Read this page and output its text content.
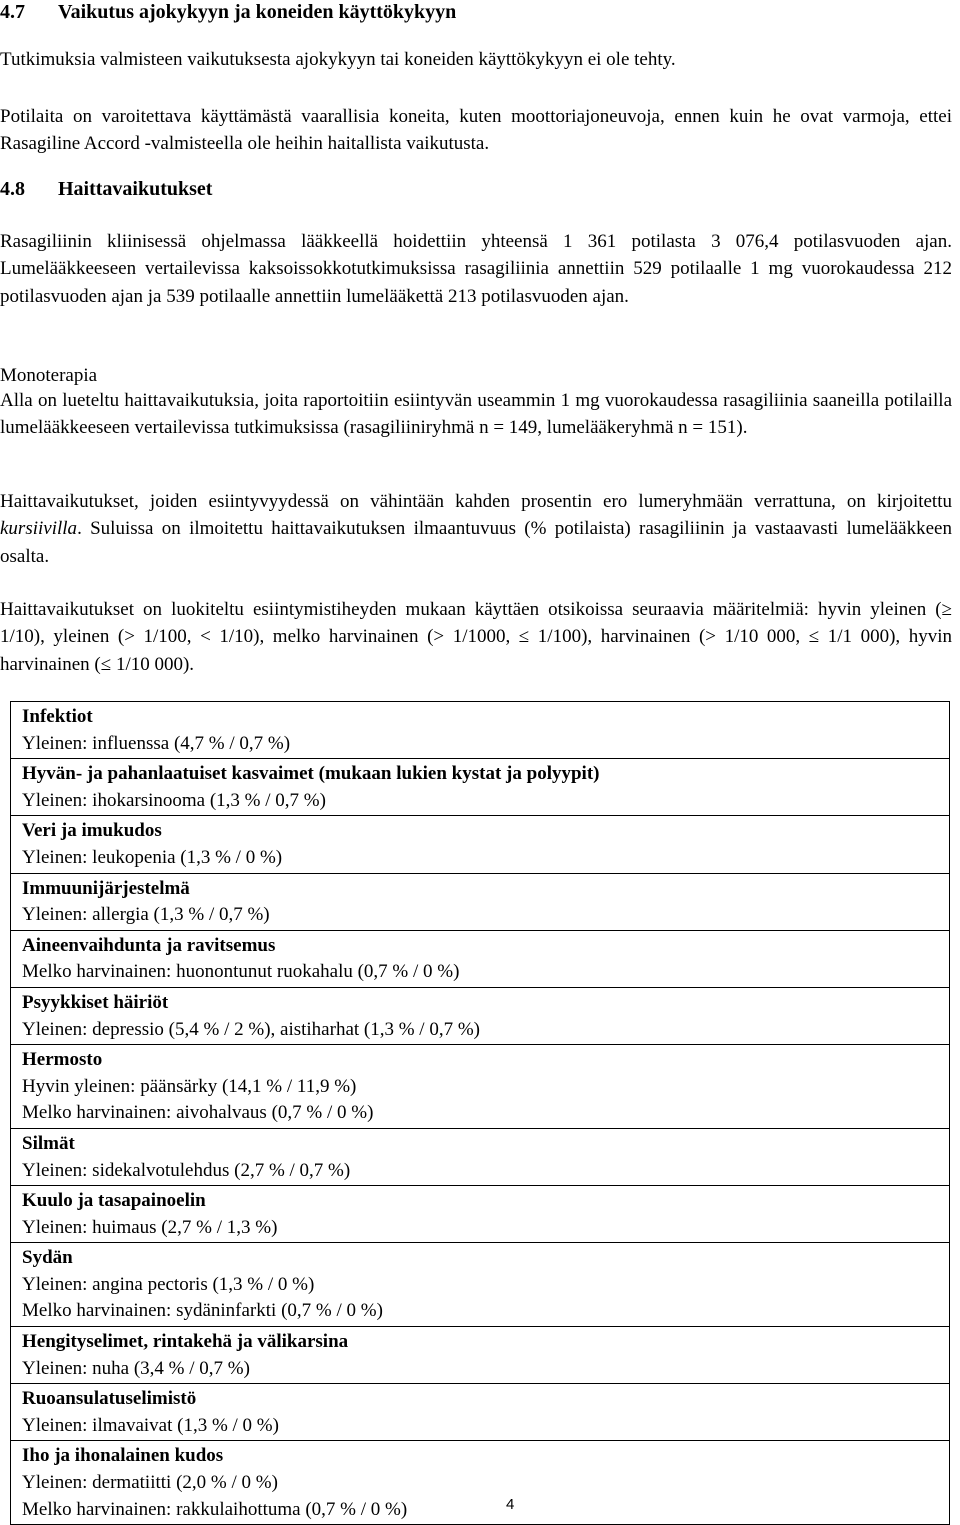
4.7 Vaikutus ajokykyyn ja koneiden käyttökykyyn
Tutkimuksia valmisteen vaikutuksesta ajokykyyn tai koneiden käyttökykyyn ei ole tehty.
Potilaita on varoitettava käyttämästä vaarallisia koneita, kuten moottoriajoneuvoja, ennen kuin he ovat varmoja, ettei Rasagiline Accord -valmisteella ole heihin haitallista vaikutusta.
4.8 Haittavaikutukset
Rasagiliinin kliinisessä ohjelmassa lääkkeellä hoidettiin yhteensä 1 361 potilasta 3 076,4 potilasvuoden ajan. Lumelääkkeeseen vertailevissa kaksoissokkotutkimuksissa rasagiliinia annettiin 529 potilaalle 1 mg vuorokaudessa 212 potilasvuoden ajan ja 539 potilaalle annettiin lumelääkettä 213 potilasvuoden ajan.
Monoterapia
Alla on lueteltu haittavaikutuksia, joita raportoitiin esiintyvän useammin 1 mg vuorokaudessa rasagiliinia saaneilla potilailla lumelääkkeeseen vertailevissa tutkimuksissa (rasagiliiniryhmä n = 149, lumelääkeryhmä n = 151).
Haittavaikutukset, joiden esiintyvyydessä on vähintään kahden prosentin ero lumeryhmään verrattuna, on kirjoitettu kursiivilla. Suluissa on ilmoitettu haittavaikutuksen ilmaantuvuus (% potilaista) rasagiliinin ja vastaavasti lumelääkkeen osalta.
Haittavaikutukset on luokiteltu esiintymistiheyden mukaan käyttäen otsikoissa seuraavia määritelmiä: hyvin yleinen (≥ 1/10), yleinen (> 1/100, < 1/10), melko harvinainen (> 1/1000, ≤ 1/100), harvinainen (> 1/10 000, ≤ 1/1 000), hyvin harvinainen (≤ 1/10 000).
Infektiot
Yleinen: influenssa (4,7 % / 0,7 %)
Hyvän- ja pahanlaatuiset kasvaimet (mukaan lukien kystat ja polyypit)
Yleinen: ihokarsinooma (1,3 % / 0,7 %)
Veri ja imukudos
Yleinen: leukopenia (1,3 % / 0 %)
Immuunijärjestelmä
Yleinen: allergia (1,3 % / 0,7 %)
Aineenvaihdunta ja ravitsemus
Melko harvinainen: huonontunut ruokahalu (0,7 % / 0 %)
Psyykkiset häiriöt
Yleinen: depressio (5,4 % / 2 %), aistiharhat (1,3 % / 0,7 %)
Hermosto
Hyvin yleinen: päänsärky (14,1 % / 11,9 %)
Melko harvinainen: aivohalvaus (0,7 % / 0 %)
Silmät
Yleinen: sidekalvotulehdus (2,7 % / 0,7 %)
Kuulo ja tasapainoelin
Yleinen: huimaus (2,7 % / 1,3 %)
Sydän
Yleinen: angina pectoris (1,3 % / 0 %)
Melko harvinainen: sydäninfarkti (0,7 % / 0 %)
Hengityselimet, rintakehä ja välikarsina
Yleinen: nuha (3,4 % / 0,7 %)
Ruoansulatuselimistö
Yleinen: ilmavaivat (1,3 % / 0 %)
Iho ja ihonalainen kudos
Yleinen: dermatiitti (2,0 % / 0 %)
Melko harvinainen: rakkulaihottuma (0,7 % / 0 %)	4
